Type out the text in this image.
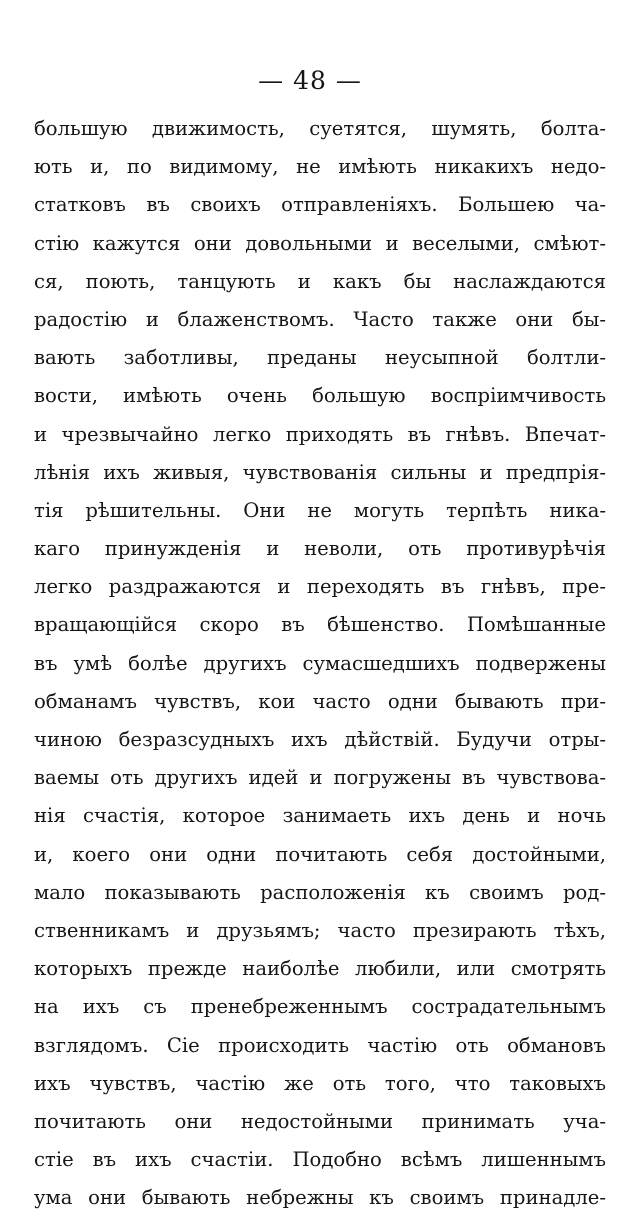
— 48 —
большую движимость, суетятся, шумять, болта-
ють и, по видимому, не имѣють никакихъ недо-
статковъ въ своихъ отправленiяхъ. Большею ча-
стiю кажутся они довольными и веселыми, смѣют-
ся, поють, танцують и какъ бы наслаждаются
радостiю и блаженствомъ. Часто также они бы-
вають заботливы, преданы неусыпной болтли-
вости, имѣють очень большую воспрiимчивость
и чрезвычайно легко приходять въ гнѣвъ. Впечат-
лѣнiя ихъ живыя, чувствованiя сильны и предпрiя-
тiя рѣшительны. Они не могуть терпѣть ника-
каго принужденiя и неволи, оть противурѣчiя
легко раздражаются и переходять въ гнѣвъ, пре-
вращающiйся скоро въ бѣшенство. Помѣшанные
въ умѣ болѣе другихъ сумасшедшихъ подвержены
обманамъ чувствъ, кои часто одни бывають при-
чиною безразсудныхъ ихъ дѣйствiй. Будучи отры-
ваемы оть другихъ идей и погружены въ чувствова-
нiя счастiя, которое занимаеть ихъ день и ночь
и, коего они одни почитають себя достойными,
мало показывають расположенiя къ своимъ род-
ственникамъ и друзьямъ; часто презирають тѣхъ,
которыхъ прежде наиболѣе любили, или смотрять
на ихъ съ пренебреженнымъ сострадательнымъ
взглядомъ. Сiе происходить частiю оть обмановъ
ихъ чувствъ, частiю же оть того, что таковыхъ
почитають они недостойными принимать уча-
стiе въ ихъ счастiи. Подобно всѣмъ лишеннымъ
ума они бывають небрежны къ своимъ принадле-
